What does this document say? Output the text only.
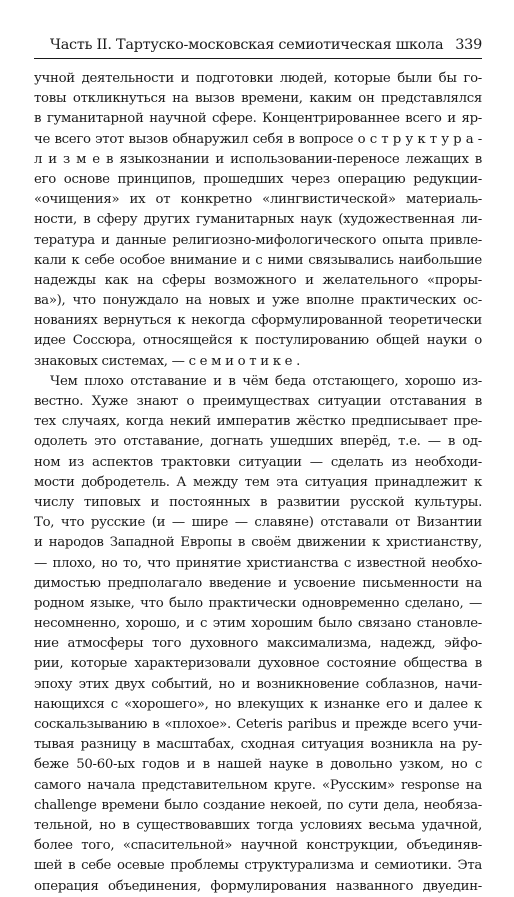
Часть II. Тартуско-московская семиотическая школа 339
учной деятельности и подготовки людей, которые были бы го-
товы откликнуться на вызов времени, каким он представлялся
в гуманитарной научной сфере. Концентрированнее всего и яр-
че всего этот вызов обнаружил себя в вопросе о с т р у к т у р а -
л и з м е в языкознании и использовании-переносе лежащих в
его основе принципов, прошедших через операцию редукции-
«очищения» их от конкретно «лингвистической» материаль-
ности, в сферу других гуманитарных наук (художественная ли-
тература и данные религиозно-мифологического опыта привле-
кали к себе особое внимание и с ними связывались наибольшие
надежды как на сферы возможного и желательного «проры-
ва»), что понуждало на новых и уже вполне практических ос-
нованиях вернуться к некогда сформулированной теоретически
идее Соссюра, относящейся к постулированию общей науки о
знаковых системах, — с е м и о т и к е .
Чем плохо отставание и в чём беда отстающего, хорошо из-
вестно. Хуже знают о преимуществах ситуации отставания в
тех случаях, когда некий императив жёстко предписывает пре-
одолеть это отставание, догнать ушедших вперёд, т.е. — в од-
ном из аспектов трактовки ситуации — сделать из необходи-
мости добродетель. А между тем эта ситуация принадлежит к
числу типовых и постоянных в развитии русской культуры.
То, что русские (и — шире — славяне) отставали от Византии
и народов Западной Европы в своём движении к христианству,
— плохо, но то, что принятие христианства с известной необхо-
димостью предполагало введение и усвоение письменности на
родном языке, что было практически одновременно сделано, —
несомненно, хорошо, и с этим хорошим было связано становле-
ние атмосферы того духовного максимализма, надежд, эйфо-
рии, которые характеризовали духовное состояние общества в
эпоху этих двух событий, но и возникновение соблазнов, начи-
нающихся с «хорошего», но влекущих к изнанке его и далее к
соскальзыванию в «плохое». Ceteris paribus и прежде всего учи-
тывая разницу в масштабах, сходная ситуация возникла на ру-
беже 50-60-ых годов и в нашей науке в довольно узком, но с
самого начала представительном круге. «Русским» response на
challenge времени было создание некоей, по сути дела, необяза-
тельной, но в существовавших тогда условиях весьма удачной,
более того, «спасительной» научной конструкции, объединяв-
шей в себе осевые проблемы структурализма и семиотики. Эта
операция объединения, формулирования названного двуедин-
